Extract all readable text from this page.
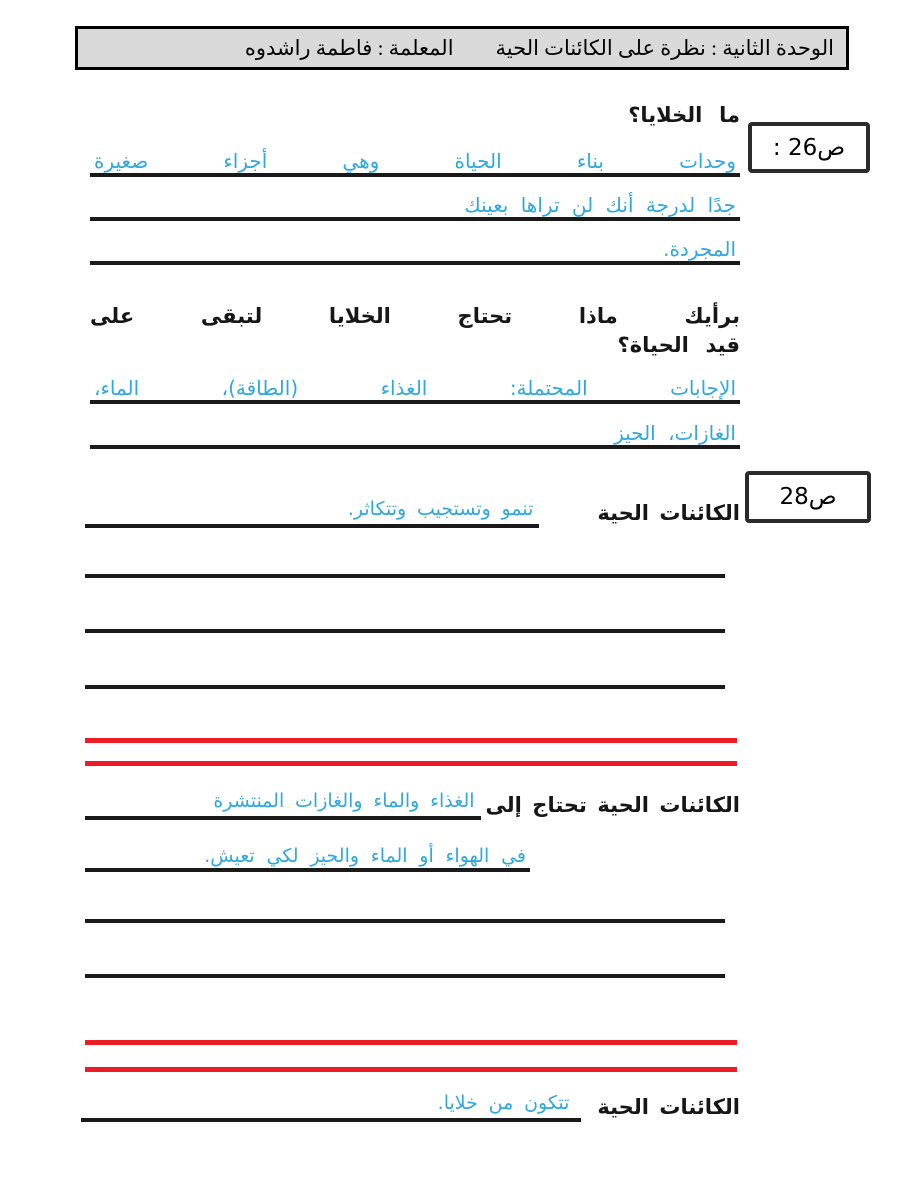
الوحدة الثانية : نظرة على الكائنات الحية
المعلمة : فاطمة راشدوه
ما الخلايا؟
ص26 :
وحدات بناء الحياة وهي أجزاء صغيرة
جدًا لدرجة أنك لن تراها بعينك
المجردة.
برأيك ماذا تحتاج الخلايا لتبقى على
قيد الحياة؟
الإجابات المحتملة: الغذاء (الطاقة)، الماء،
الغازات، الحيز
ص28
الكائنات الحية
تنمو وتستجيب وتتكاثر.
الكائنات الحية تحتاج إلى
الغذاء والماء والغازات المنتشرة
في الهواء أو الماء والحيز لكي تعيش.
الكائنات الحية
تتكون من خلايا.
